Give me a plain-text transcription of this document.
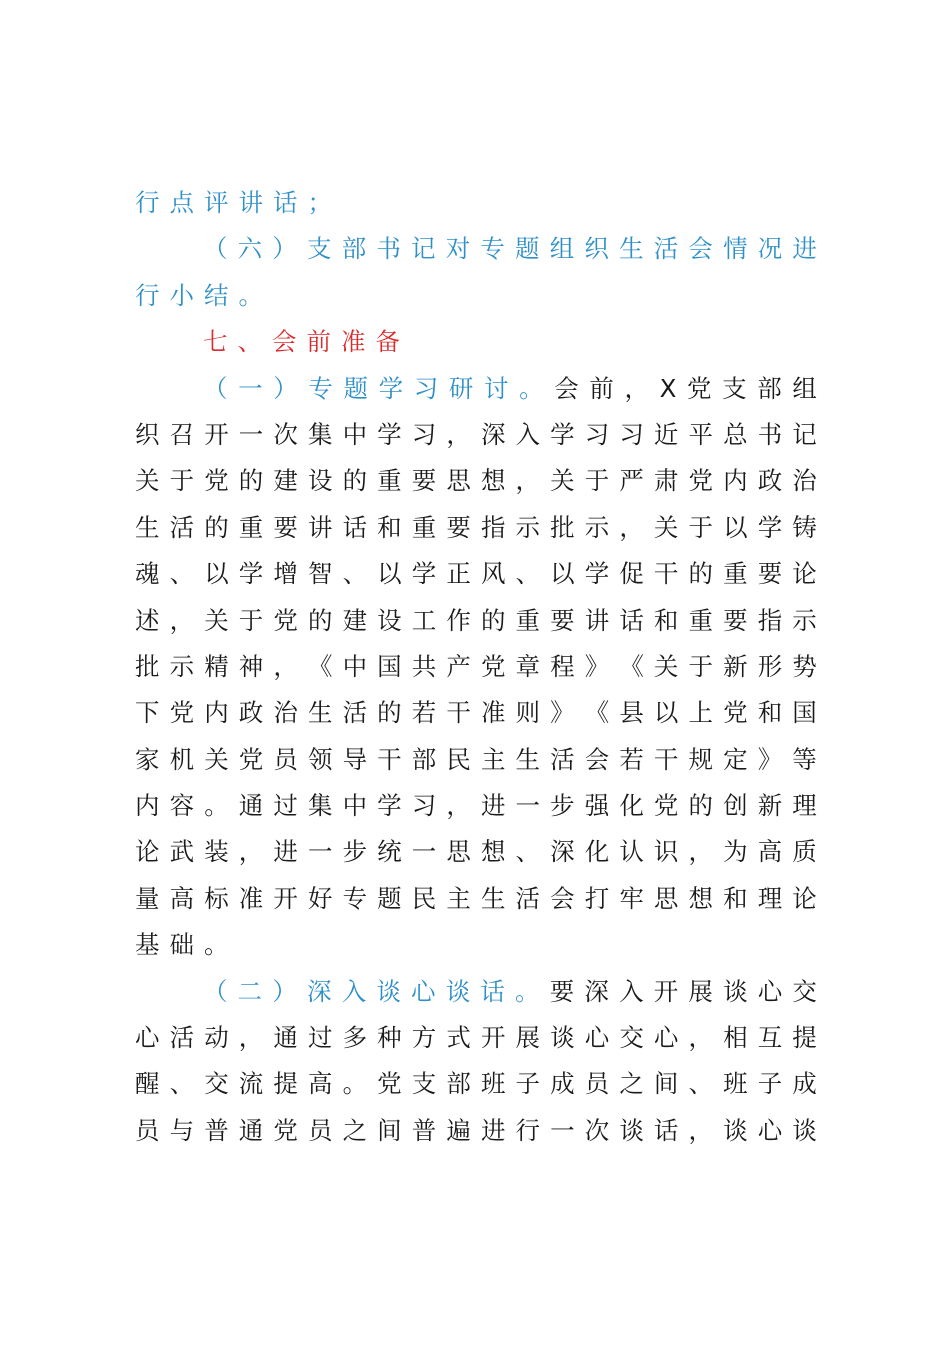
行点评讲话；
（ 六 ） 支 部 书 记 对 专 题 组 织 生 活 会 情 况 进
行小结。
七、会前准备
（ 一 ） 专 题 学 习 研 讨 。 会 前 ， X 党 支 部 组
织 召 开 一 次 集 中 学 习 ， 深 入 学 习 习 近 平 总 书 记
关 于 党 的 建 设 的 重 要 思 想 ， 关 于 严 肃 党 内 政 治
生 活 的 重 要 讲 话 和 重 要 指 示 批 示 ， 关 于 以 学 铸
魂 、 以 学 增 智 、 以 学 正 风 、 以 学 促 干 的 重 要 论
述 ， 关 于 党 的 建 设 工 作 的 重 要 讲 话 和 重 要 指 示
批 示 精 神 ， 《 中 国 共 产 党 章 程 》 《 关 于 新 形 势
下 党 内 政 治 生 活 的 若 干 准 则 》 《 县 以 上 党 和 国
家 机 关 党 员 领 导 干 部 民 主 生 活 会 若 干 规 定 》 等
内 容 。 通 过 集 中 学 习 ， 进 一 步 强 化 党 的 创 新 理
论 武 装 ， 进 一 步 统 一 思 想 、 深 化 认 识 ， 为 高 质
量 高 标 准 开 好 专 题 民 主 生 活 会 打 牢 思 想 和 理 论
基础。
（ 二 ） 深 入 谈 心 谈 话 。 要 深 入 开 展 谈 心 交
心 活 动 ， 通 过 多 种 方 式 开 展 谈 心 交 心 ， 相 互 提
醒 、 交 流 提 高 。 党 支 部 班 子 成 员 之 间 、 班 子 成
员 与 普 通 党 员 之 间 普 遍 进 行 一 次 谈 话 ， 谈 心 谈
